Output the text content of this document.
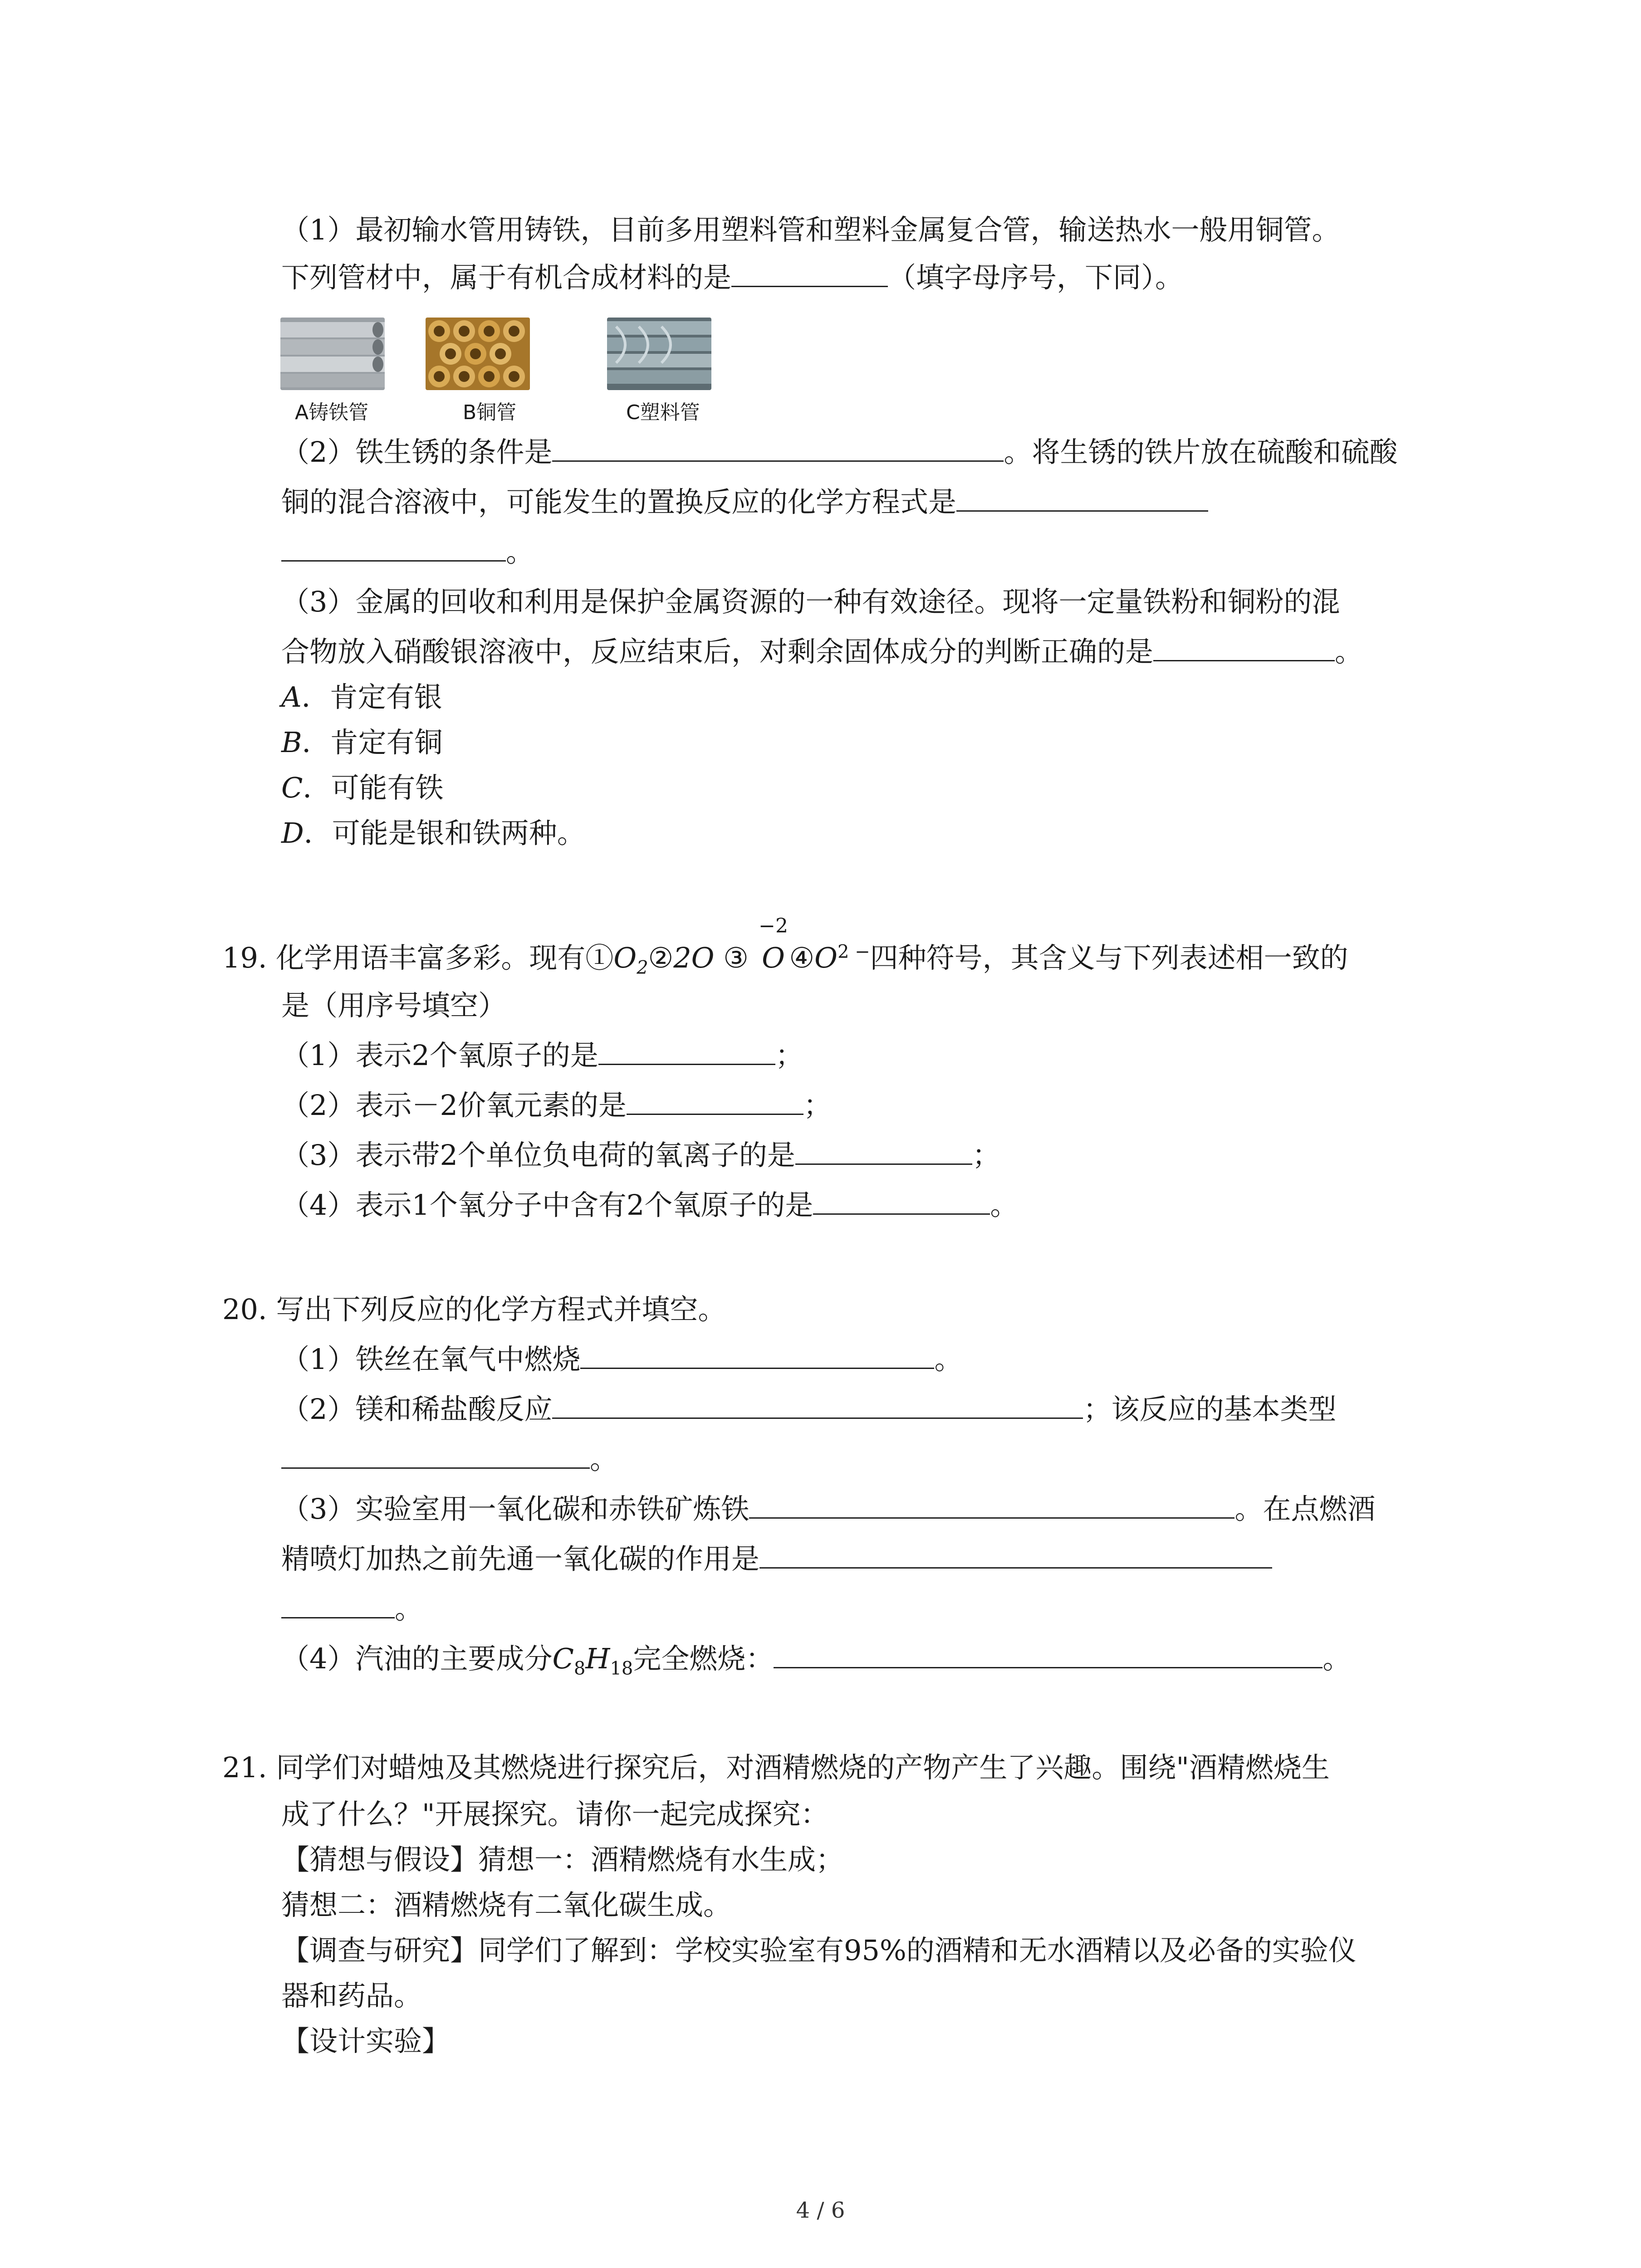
（1）最初输水管用铸铁，目前多用塑料管和塑料金属复合管，输送热水一般用铜管。
下列管材中，属于有机合成材料的是	（填字母序号，下同）。
A铸铁管	B铜管	C塑料管
（2）铁生锈的条件是	。将生锈的铁片放在硫酸和硫酸
铜的混合溶液中，可能发生的置换反应的化学方程式是
。
（3）金属的回收和利用是保护金属资源的一种有效途径。现将一定量铁粉和铜粉的混
合物放入硝酸银溶液中，反应结束后，对剩余固体成分的判断正确的是	。
A．肯定有银
B．肯定有铜
C．可能有铁
D．可能是银和铁两种。
19. 化学用语丰富多彩。现有$①O_2②2O$ ③
−2
O $④O^{2 -}$四种符号，其含义与下列表述相一致的
是（用序号填空）
（1）表示2个氧原子的是	；
（2）表示－2价氧元素的是	；
（3）表示带2个单位负电荷的氧离子的是	；
（4）表示1个氧分子中含有2个氧原子的是	。
20. 写出下列反应的化学方程式并填空。
（1）铁丝在氧气中燃烧	。
（2）镁和稀盐酸反应	；该反应的基本类型
。
（3）实验室用一氧化碳和赤铁矿炼铁	。在点燃酒
精喷灯加热之前先通一氧化碳的作用是
。
（4）汽油的主要成分$C_8H_{18}$完全燃烧：	。
21. 同学们对蜡烛及其燃烧进行探究后，对酒精燃烧的产物产生了兴趣。围绕"酒精燃烧生
成了什么？"开展探究。请你一起完成探究：
【猜想与假设】猜想一：酒精燃烧有水生成；
猜想二：酒精燃烧有二氧化碳生成。
【调查与研究】同学们了解到：学校实验室有95%的酒精和无水酒精以及必备的实验仪
器和药品。
【设计实验】
4 / 6
